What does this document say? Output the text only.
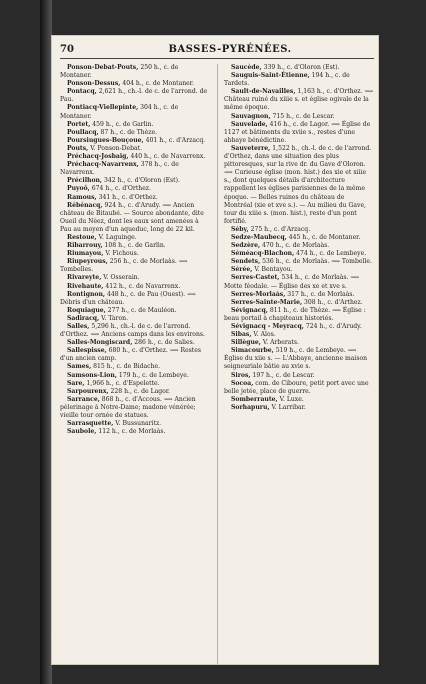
70	BASSES-PYRÉNÉES.

Ponson-Debat-Pouts, 250 h., c. de Montaner.

Ponson-Dessus, 404 h., c. de Montaner.

Pontacq, 2,621 h., ch.-l. de c. de l'arrond. de Pau.

Pontiacq-Viellepinte, 304 h., c. de Montaner.

Portet, 459 h., c. de Garlin.

Poullacq, 87 h., c. de Thèze.

Poursiugues-Bouçoue, 401 h., c. d'Arzacq.

Pouts, V. Ponson-Debat.

Préchacq-Josbaig, 440 h., c. de Navarrenx.

Préchacq-Navarrenx, 378 h., c. de Navarrenx.

Précilhon, 342 h., c. d'Oloron (Est).

Puyoô, 674 h., c. d'Orthez.

Ramous, 341 h., c. d'Orthez.

Rébénacq, 924 h., c. d'Arudy. ⟿ Ancien château de Bitaubé. — Source abondante, dite Oueil du Nèez, dont les eaux sont amenées à Pau au moyen d'un aqueduc, long de 22 kil.

Restoue, V. Laguinge.

Ribarrouy, 108 h., c. de Garlin.

Riumayou, V. Fichous.

Riupeyrous, 256 h., c. de Morlaàs. ⟿ Tombelles.

Rivareyte, V. Osserain.

Rivehaute, 412 h., c. de Navarrenx.

Rontignon, 448 h., c. de Pau (Ouest). ⟿ Débris d'un château.

Roquiague, 277 h., c. de Mauléon.

Sadiracq, V. Taron.

Salles, 5,296 h., ch.-l. de c. de l'arrond. d'Orthez. ⟿ Anciens camps dans les environs.

Salles-Mongiscard, 286 h., c. de Salies.

Sallespisse, 680 h., c. d'Orthez. ⟿ Restes d'un ancien camp.

Sames, 815 h., c. de Bidache.

Samsons-Lion, 179 h., c. de Lembeye.

Sare, 1,966 h., c. d'Espelette.

Sarpourenx, 228 h., c. de Lagor.

Sarrance, 868 h., c. d'Accous. ⟿ Ancien pèlerinage à Notre-Dame; madone vénérée; vieille tour ornée de statues.

Sarrasquette, V. Bussunaritz.

Saubole, 112 h., c. de Morlaàs.

Saucède, 339 h., c. d'Oloron (Est).

Sauguis-Saint-Étienne, 194 h., c. de Tardets.

Sault-de-Navailles, 1,163 h., c. d'Orthez. ⟿ Château ruiné du xiiie s. et église ogivale de la même époque.

Sauvagnon, 715 h., c. de Lescar.

Sauvelade, 416 h., c. de Lagor. ⟿ Église de 1127 et bâtiments du xviie s., restes d'une abbaye bénédictine.

Sauveterre, 1,522 h., ch.-l. de c. de l'arrond. d'Orthez, dans une situation des plus pittoresques, sur la rive dr. du Gave d'Oloron. ⟿ Curieuse église (mon. hist.) des xie et xiiie s., dont quelques détails d'architecture rappellent les églises parisiennes de la même époque. — Belles ruines du château de Montréal (xie et xve s.). — Au milieu du Gave, tour du xiiie s. (mon. hist.), reste d'un pont fortifié.

Séby, 275 h., c. d'Arzacq.

Sedze-Maubecq, 445 h., c. de Montaner.

Sedzère, 470 h., c. de Morlaàs.

Séméacq-Blachon, 474 h., c. de Lembeye.

Sendets, 536 h., c. de Morlaàs. ⟿ Tombelle.

Sérée, V. Bentayou.

Serres-Castet, 534 h., c. de Morlaàs. ⟿ Motte féodale. — Église des xe et xve s.

Serres-Morlaàs, 317 h., c. de Morlaàs.

Serres-Sainte-Marie, 308 h., c. d'Arthez.

Sévignacq, 811 h., c. de Thèze. ⟿ Église : beau portail à chapiteaux historiés.

Sévignacq - Meyracq, 724 h., c. d'Arudy.

Sibas, V. Alos.

Sillègue, V. Arberats.

Simacourbe, 519 h., c. de Lembeye. ⟿ Église du xiie s. — L'Abbaye, ancienne maison seigneuriale bâtie au xvie s.

Siros, 197 h., c. de Lescar.

Socoa, com. de Ciboure, petit port avec une belle jetée, place de guerre.

Somberraute, V. Luxe.

Sorhapuru, V. Larribar.
